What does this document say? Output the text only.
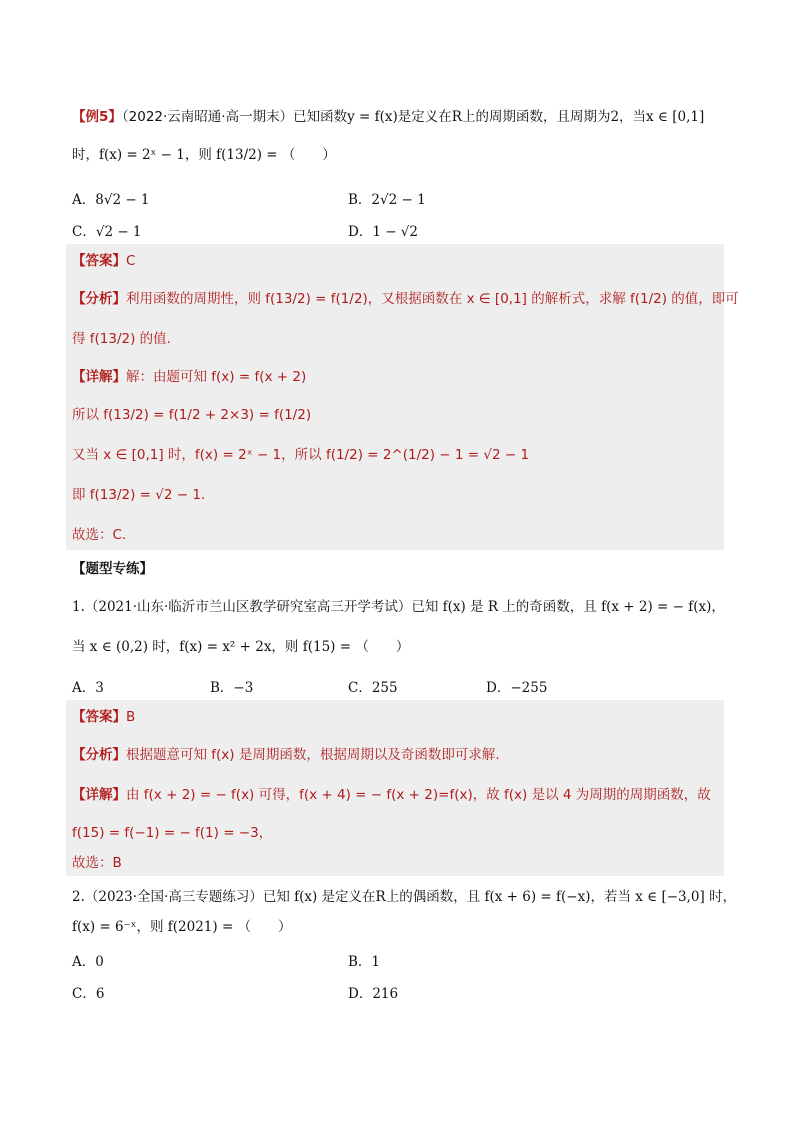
【例5】（2022·云南昭通·高一期末）已知函数y = f(x)是定义在R上的周期函数，且周期为2，当x ∈ [0,1]
时，f(x) = 2ˣ − 1，则 f(13/2) = （　　）
A．8√2 − 1	B．2√2 − 1
C．√2 − 1	D．1 − √2
【答案】C
【分析】利用函数的周期性，则 f(13/2) = f(1/2)，又根据函数在 x ∈ [0,1] 的解析式，求解 f(1/2) 的值，即可
得 f(13/2) 的值.
【详解】解：由题可知 f(x) = f(x + 2)
所以 f(13/2) = f(1/2 + 2×3) = f(1/2)
又当 x ∈ [0,1] 时，f(x) = 2ˣ − 1，所以 f(1/2) = 2^(1/2) − 1 = √2 − 1
即 f(13/2) = √2 − 1.
故选：C.
【题型专练】
1.（2021·山东·临沂市兰山区教学研究室高三开学考试）已知 f(x) 是 R 上的奇函数，且 f(x + 2) = − f(x)，
当 x ∈ (0,2) 时，f(x) = x² + 2x，则 f(15) = （　　）
A．3	B．−3	C．255	D．−255
【答案】B
【分析】根据题意可知 f(x) 是周期函数，根据周期以及奇函数即可求解.
【详解】由 f(x + 2) = − f(x) 可得，f(x + 4) = − f(x + 2)=f(x)，故 f(x) 是以 4 为周期的周期函数，故
f(15) = f(−1) = − f(1) = −3，
故选：B
2.（2023·全国·高三专题练习）已知 f(x) 是定义在R上的偶函数，且 f(x + 6) = f(−x)，若当 x ∈ [−3,0] 时，
f(x) = 6⁻ˣ，则 f(2021) = （　　）
A．0	B．1
C．6	D．216
